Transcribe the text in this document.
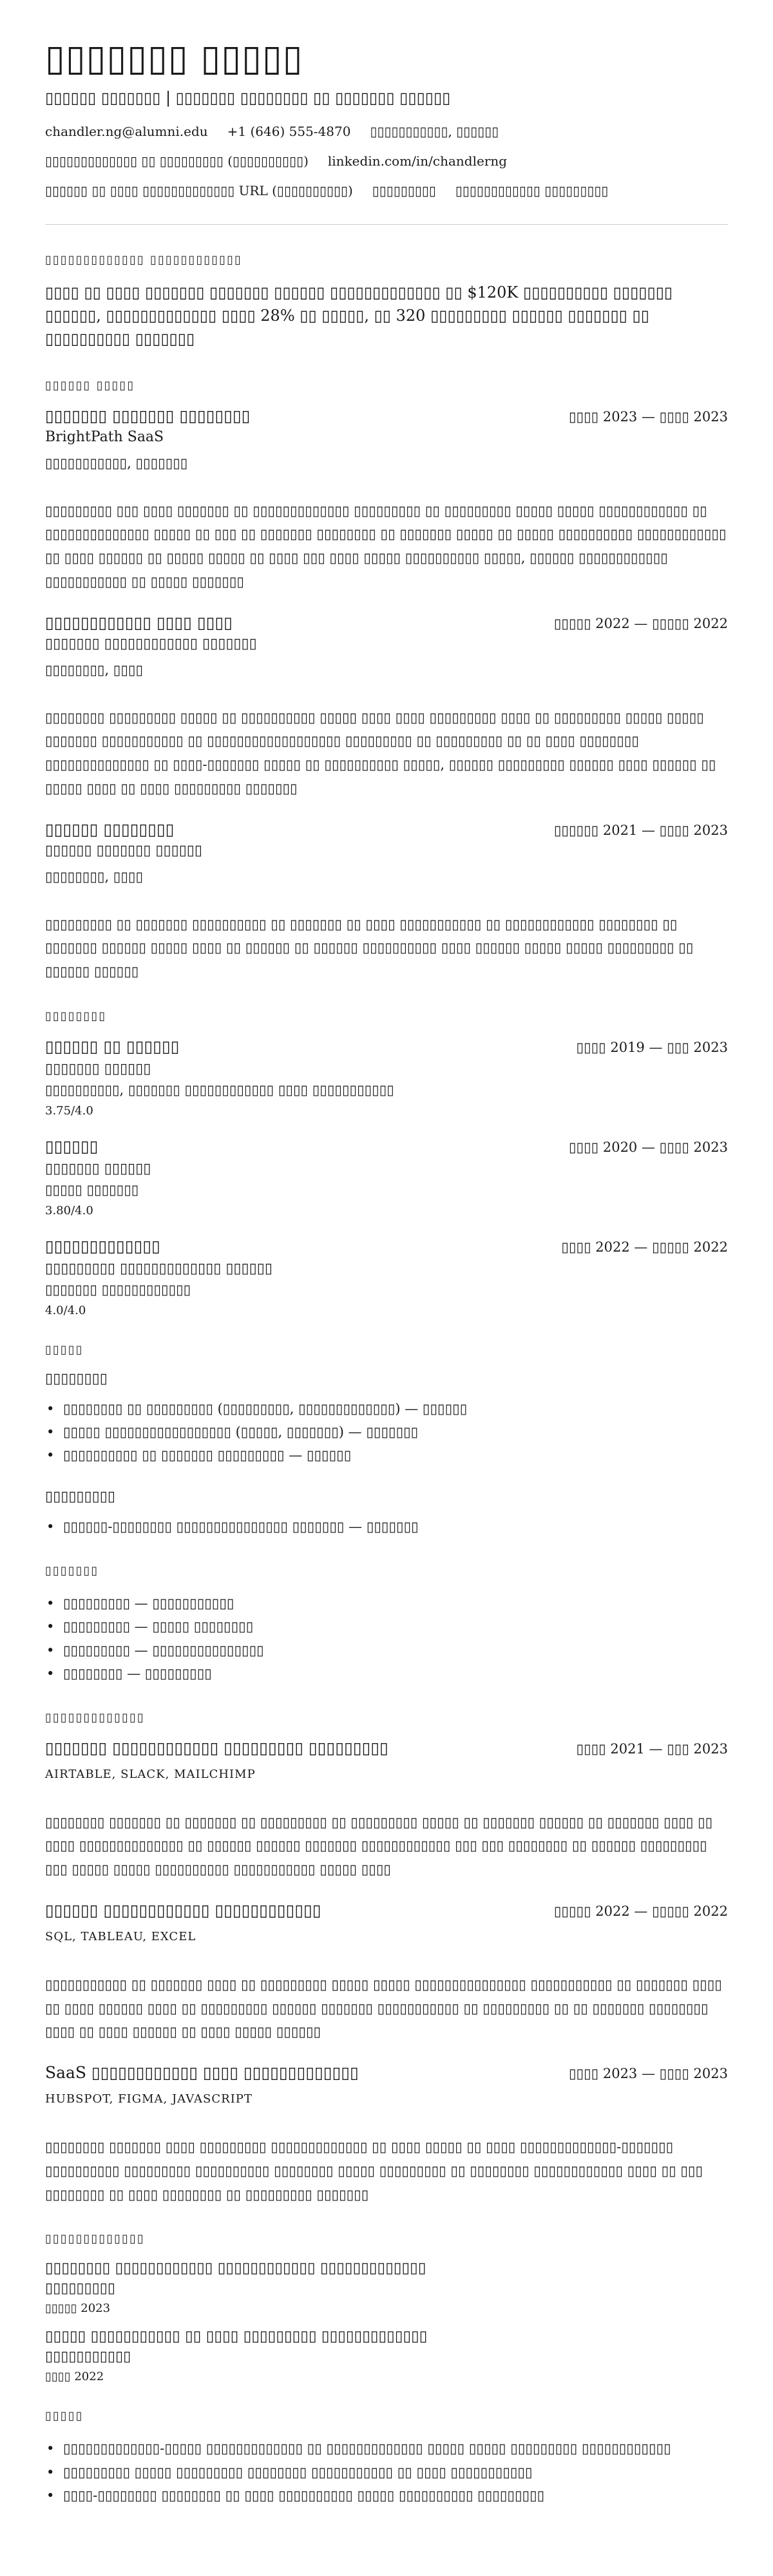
▯▯▯▯▯▯▯ ▯▯▯▯▯
▯▯▯▯▯▯ ▯▯▯▯▯▯▯ | ▯▯▯▯▯▯▯ ▯▯▯▯▯▯▯▯ ▯▯ ▯▯▯▯▯▯▯ ▯▯▯▯▯▯
chandler.ng@alumni.edu +1 (646) 555-4870 ▯▯▯▯▯▯▯▯▯▯▯, ▯▯▯▯▯▯
▯▯▯▯▯▯▯▯▯▯▯▯▯ ▯▯ ▯▯▯▯▯▯▯▯▯ (▯▯▯▯▯▯▯▯▯▯) linkedin.com/in/chandlerng
▯▯▯▯▯▯ ▯▯ ▯▯▯▯ ▯▯▯▯▯▯▯▯▯▯▯▯▯ URL (▯▯▯▯▯▯▯▯▯▯) ▯▯▯▯▯▯▯▯▯ ▯▯▯▯▯▯▯▯▯▯▯▯ ▯▯▯▯▯▯▯▯▯
▯▯▯▯▯▯▯▯▯▯▯▯▯ ▯▯▯▯▯▯▯▯▯▯▯▯

▯▯▯▯ ▯▯ ▯▯▯▯ ▯▯▯▯▯▯▯ ▯▯▯▯▯▯▯ ▯▯▯▯▯▯ ▯▯▯▯▯▯▯▯▯▯▯▯▯ ▯▯ $120K ▯▯▯▯▯▯▯▯▯▯ ▯▯▯▯▯▯▯ ▯▯▯▯▯▯, ▯▯▯▯▯▯▯▯▯▯▯▯▯ ▯▯▯▯ 28% ▯▯ ▯▯▯▯▯, ▯▯ 320 ▯▯▯▯▯▯▯▯▯ ▯▯▯▯▯▯ ▯▯▯▯▯▯▯ ▯▯ ▯▯▯▯▯▯▯▯▯▯ ▯▯▯▯▯▯▯

▯▯▯▯▯▯ ▯▯▯▯▯
▯▯▯▯▯▯▯ ▯▯▯▯▯▯▯ ▯▯▯▯▯▯▯▯	▯▯▯▯ 2023 — ▯▯▯▯ 2023
BrightPath SaaS
▯▯▯▯▯▯▯▯▯▯▯, ▯▯▯▯▯▯▯

▯▯▯▯▯▯▯▯▯ ▯▯▯ ▯▯▯▯ ▯▯▯▯▯▯▯ ▯▯ ▯▯▯▯▯▯▯▯▯▯▯▯▯ ▯▯▯▯▯▯▯▯▯ ▯▯ ▯▯▯▯▯▯▯▯▯ ▯▯▯▯▯ ▯▯▯▯▯ ▯▯▯▯▯▯▯▯▯▯▯▯ ▯▯ ▯▯▯▯▯▯▯▯▯▯▯▯▯▯ ▯▯▯▯▯ ▯▯ ▯▯▯ ▯▯ ▯▯▯▯▯▯▯ ▯▯▯▯▯▯▯▯ ▯▯ ▯▯▯▯▯▯▯ ▯▯▯▯▯ ▯▯ ▯▯▯▯▯ ▯▯▯▯▯▯▯▯▯▯ ▯▯▯▯▯▯▯▯▯▯▯▯ ▯▯ ▯▯▯▯ ▯▯▯▯▯▯ ▯▯ ▯▯▯▯▯ ▯▯▯▯▯ ▯▯ ▯▯▯▯ ▯▯▯ ▯▯▯▯ ▯▯▯▯▯ ▯▯▯▯▯▯▯▯▯▯ ▯▯▯▯▯, ▯▯▯▯▯▯ ▯▯▯▯▯▯▯▯▯▯▯▯ ▯▯▯▯▯▯▯▯▯▯▯ ▯▯ ▯▯▯▯▯ ▯▯▯▯▯▯▯

▯▯▯▯▯▯▯▯▯▯▯▯ ▯▯▯▯ ▯▯▯▯	▯▯▯▯▯ 2022 — ▯▯▯▯▯ 2022
▯▯▯▯▯▯▯ ▯▯▯▯▯▯▯▯▯▯▯▯ ▯▯▯▯▯▯▯
▯▯▯▯▯▯▯▯, ▯▯▯▯

▯▯▯▯▯▯▯▯ ▯▯▯▯▯▯▯▯▯ ▯▯▯▯▯ ▯▯ ▯▯▯▯▯▯▯▯▯▯ ▯▯▯▯▯ ▯▯▯▯ ▯▯▯▯ ▯▯▯▯▯▯▯▯▯ ▯▯▯▯ ▯▯ ▯▯▯▯▯▯▯▯▯ ▯▯▯▯▯ ▯▯▯▯▯ ▯▯▯▯▯▯▯ ▯▯▯▯▯▯▯▯▯▯▯ ▯▯ ▯▯▯▯▯▯▯▯▯▯▯▯▯▯▯▯▯▯ ▯▯▯▯▯▯▯▯▯ ▯▯ ▯▯▯▯▯▯▯▯▯ ▯▯ ▯▯ ▯▯▯▯ ▯▯▯▯▯▯▯▯ ▯▯▯▯▯▯▯▯▯▯▯▯▯▯ ▯▯ ▯▯▯▯-▯▯▯▯▯▯▯ ▯▯▯▯▯ ▯▯ ▯▯▯▯▯▯▯▯▯▯ ▯▯▯▯▯, ▯▯▯▯▯▯ ▯▯▯▯▯▯▯▯▯ ▯▯▯▯▯▯ ▯▯▯▯ ▯▯▯▯▯▯ ▯▯ ▯▯▯▯▯ ▯▯▯▯ ▯▯ ▯▯▯▯ ▯▯▯▯▯▯▯▯▯ ▯▯▯▯▯▯▯

▯▯▯▯▯▯ ▯▯▯▯▯▯▯▯	▯▯▯▯▯▯ 2021 — ▯▯▯▯ 2023
▯▯▯▯▯▯ ▯▯▯▯▯▯▯ ▯▯▯▯▯▯
▯▯▯▯▯▯▯▯, ▯▯▯▯

▯▯▯▯▯▯▯▯▯ ▯▯ ▯▯▯▯▯▯▯ ▯▯▯▯▯▯▯▯▯▯ ▯▯ ▯▯▯▯▯▯▯ ▯▯ ▯▯▯▯ ▯▯▯▯▯▯▯▯▯▯▯ ▯▯ ▯▯▯▯▯▯▯▯▯▯▯▯ ▯▯▯▯▯▯▯▯ ▯▯ ▯▯▯▯▯▯▯ ▯▯▯▯▯▯ ▯▯▯▯▯ ▯▯▯▯ ▯▯ ▯▯▯▯▯▯ ▯▯ ▯▯▯▯▯▯ ▯▯▯▯▯▯▯▯▯▯ ▯▯▯▯ ▯▯▯▯▯▯ ▯▯▯▯▯ ▯▯▯▯▯ ▯▯▯▯▯▯▯▯▯ ▯▯ ▯▯▯▯▯▯ ▯▯▯▯▯▯

▯▯▯▯▯▯▯▯
▯▯▯▯▯▯ ▯▯ ▯▯▯▯▯▯	▯▯▯▯ 2019 — ▯▯▯ 2023
▯▯▯▯▯▯▯ ▯▯▯▯▯▯
▯▯▯▯▯▯▯▯▯▯, ▯▯▯▯▯▯▯ ▯▯▯▯▯▯▯▯▯▯▯▯ ▯▯▯▯ ▯▯▯▯▯▯▯▯▯▯▯
3.75/4.0
▯▯▯▯▯▯	▯▯▯▯ 2020 — ▯▯▯▯ 2023
▯▯▯▯▯▯▯ ▯▯▯▯▯▯
▯▯▯▯▯ ▯▯▯▯▯▯▯
3.80/4.0
▯▯▯▯▯▯▯▯▯▯▯▯▯	▯▯▯▯ 2022 — ▯▯▯▯▯ 2022
▯▯▯▯▯▯▯▯▯ ▯▯▯▯▯▯▯▯▯▯▯▯▯ ▯▯▯▯▯▯
▯▯▯▯▯▯▯ ▯▯▯▯▯▯▯▯▯▯▯▯
4.0/4.0
▯▯▯▯▯
▯▯▯▯▯▯▯▯
• ▯▯▯▯▯▯▯▯ ▯▯ ▯▯▯▯▯▯▯▯▯ (▯▯▯▯▯▯▯▯▯, ▯▯▯▯▯▯▯▯▯▯▯▯▯) — ▯▯▯▯▯▯
• ▯▯▯▯▯ ▯▯▯▯▯▯▯▯▯▯▯▯▯▯▯▯▯ (▯▯▯▯▯, ▯▯▯▯▯▯▯) — ▯▯▯▯▯▯▯
• ▯▯▯▯▯▯▯▯▯▯ ▯▯ ▯▯▯▯▯▯▯ ▯▯▯▯▯▯▯▯▯ — ▯▯▯▯▯▯
▯▯▯▯▯▯▯▯▯
• ▯▯▯▯▯▯-▯▯▯▯▯▯▯▯ ▯▯▯▯▯▯▯▯▯▯▯▯▯▯▯ ▯▯▯▯▯▯▯ — ▯▯▯▯▯▯▯
▯▯▯▯▯▯▯
• ▯▯▯▯▯▯▯▯▯ — ▯▯▯▯▯▯▯▯▯▯▯
• ▯▯▯▯▯▯▯▯▯ — ▯▯▯▯▯ ▯▯▯▯▯▯▯▯
• ▯▯▯▯▯▯▯▯▯ — ▯▯▯▯▯▯▯▯▯▯▯▯▯▯▯
• ▯▯▯▯▯▯▯▯ — ▯▯▯▯▯▯▯▯▯
▯▯▯▯▯▯▯▯▯▯▯▯▯
▯▯▯▯▯▯▯ ▯▯▯▯▯▯▯▯▯▯▯▯ ▯▯▯▯▯▯▯▯▯ ▯▯▯▯▯▯▯▯▯	▯▯▯▯ 2021 — ▯▯▯ 2023
AIRTABLE, SLACK, MAILCHIMP

▯▯▯▯▯▯▯▯ ▯▯▯▯▯▯▯ ▯▯ ▯▯▯▯▯▯▯ ▯▯ ▯▯▯▯▯▯▯▯▯ ▯▯ ▯▯▯▯▯▯▯▯▯ ▯▯▯▯▯ ▯▯ ▯▯▯▯▯▯▯ ▯▯▯▯▯▯ ▯▯ ▯▯▯▯▯▯▯ ▯▯▯▯ ▯▯ ▯▯▯▯ ▯▯▯▯▯▯▯▯▯▯▯▯▯▯ ▯▯ ▯▯▯▯▯▯ ▯▯▯▯▯▯ ▯▯▯▯▯▯▯ ▯▯▯▯▯▯▯▯▯▯▯▯ ▯▯▯ ▯▯▯ ▯▯▯▯▯▯▯▯ ▯▯ ▯▯▯▯▯▯ ▯▯▯▯▯▯▯▯▯ ▯▯▯ ▯▯▯▯▯ ▯▯▯▯▯ ▯▯▯▯▯▯▯▯▯▯ ▯▯▯▯▯▯▯▯▯▯▯ ▯▯▯▯▯ ▯▯▯▯

▯▯▯▯▯▯ ▯▯▯▯▯▯▯▯▯▯▯▯ ▯▯▯▯▯▯▯▯▯▯▯▯	▯▯▯▯▯ 2022 — ▯▯▯▯▯ 2022
SQL, TABLEAU, EXCEL

▯▯▯▯▯▯▯▯▯▯▯ ▯▯ ▯▯▯▯▯▯▯ ▯▯▯▯ ▯▯ ▯▯▯▯▯▯▯▯▯ ▯▯▯▯▯ ▯▯▯▯▯ ▯▯▯▯▯▯▯▯▯▯▯▯▯▯▯ ▯▯▯▯▯▯▯▯▯▯▯ ▯▯ ▯▯▯▯▯▯▯ ▯▯▯▯ ▯▯ ▯▯▯▯ ▯▯▯▯▯▯ ▯▯▯▯ ▯▯ ▯▯▯▯▯▯▯▯▯ ▯▯▯▯▯▯ ▯▯▯▯▯▯▯ ▯▯▯▯▯▯▯▯▯▯▯ ▯▯ ▯▯▯▯▯▯▯▯▯ ▯▯ ▯▯ ▯▯▯▯▯▯▯ ▯▯▯▯▯▯▯▯ ▯▯▯▯ ▯▯ ▯▯▯▯ ▯▯▯▯▯▯ ▯▯ ▯▯▯▯ ▯▯▯▯▯ ▯▯▯▯▯▯

SaaS ▯▯▯▯▯▯▯▯▯▯▯▯ ▯▯▯▯ ▯▯▯▯▯▯▯▯▯▯▯▯▯	▯▯▯▯ 2023 — ▯▯▯▯ 2023
HUBSPOT, FIGMA, JAVASCRIPT

▯▯▯▯▯▯▯▯ ▯▯▯▯▯▯▯ ▯▯▯▯ ▯▯▯▯▯▯▯▯▯ ▯▯▯▯▯▯▯▯▯▯▯▯▯ ▯▯ ▯▯▯▯ ▯▯▯▯▯ ▯▯ ▯▯▯▯ ▯▯▯▯▯▯▯▯▯▯▯▯▯-▯▯▯▯▯▯▯ ▯▯▯▯▯▯▯▯▯▯ ▯▯▯▯▯▯▯▯▯ ▯▯▯▯▯▯▯▯▯▯ ▯▯▯▯▯▯▯▯ ▯▯▯▯▯ ▯▯▯▯▯▯▯▯▯ ▯▯ ▯▯▯▯▯▯▯▯ ▯▯▯▯▯▯▯▯▯▯▯▯ ▯▯▯▯ ▯▯ ▯▯▯ ▯▯▯▯▯▯▯▯ ▯▯ ▯▯▯▯ ▯▯▯▯▯▯▯▯ ▯▯ ▯▯▯▯▯▯▯▯▯ ▯▯▯▯▯▯▯

▯▯▯▯▯▯▯▯▯▯▯▯▯
▯▯▯▯▯▯▯▯ ▯▯▯▯▯▯▯▯▯▯▯▯ ▯▯▯▯▯▯▯▯▯▯▯▯ ▯▯▯▯▯▯▯▯▯▯▯▯▯
▯▯▯▯▯▯▯▯▯
▯▯▯▯▯ 2023
▯▯▯▯▯ ▯▯▯▯▯▯▯▯▯▯▯ ▯▯ ▯▯▯▯ ▯▯▯▯▯▯▯▯▯ ▯▯▯▯▯▯▯▯▯▯▯▯▯
▯▯▯▯▯▯▯▯▯▯▯
▯▯▯▯ 2022
▯▯▯▯▯
• ▯▯▯▯▯▯▯▯▯▯▯▯▯-▯▯▯▯▯ ▯▯▯▯▯▯▯▯▯▯▯▯▯ ▯▯ ▯▯▯▯▯▯▯▯▯▯▯▯▯ ▯▯▯▯▯ ▯▯▯▯▯ ▯▯▯▯▯▯▯▯▯ ▯▯▯▯▯▯▯▯▯▯▯▯
• ▯▯▯▯▯▯▯▯▯ ▯▯▯▯▯ ▯▯▯▯▯▯▯▯▯ ▯▯▯▯▯▯▯▯ ▯▯▯▯▯▯▯▯▯▯▯ ▯▯ ▯▯▯▯ ▯▯▯▯▯▯▯▯▯▯▯
• ▯▯▯▯-▯▯▯▯▯▯▯▯ ▯▯▯▯▯▯▯▯ ▯▯ ▯▯▯▯ ▯▯▯▯▯▯▯▯▯▯ ▯▯▯▯▯ ▯▯▯▯▯▯▯▯▯▯ ▯▯▯▯▯▯▯▯▯
